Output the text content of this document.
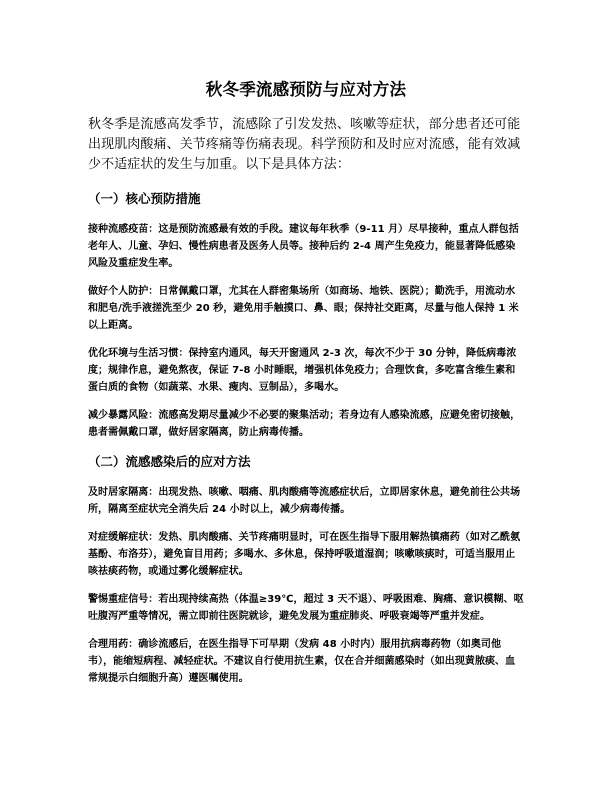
秋冬季流感预防与应对方法
秋冬季是流感高发季节，流感除了引发发热、咳嗽等症状，部分患者还可能出现肌肉酸痛、关节疼痛等伤痛表现。科学预防和及时应对流感，能有效减少不适症状的发生与加重。以下是具体方法：
（一）核心预防措施
接种流感疫苗：这是预防流感最有效的手段。建议每年秋季（9-11 月）尽早接种，重点人群包括老年人、儿童、孕妇、慢性病患者及医务人员等。接种后约 2-4 周产生免疫力，能显著降低感染风险及重症发生率。
做好个人防护：日常佩戴口罩，尤其在人群密集场所（如商场、地铁、医院）；勤洗手，用流动水和肥皂/洗手液搓洗至少 20 秒，避免用手触摸口、鼻、眼；保持社交距离，尽量与他人保持 1 米以上距离。
优化环境与生活习惯：保持室内通风，每天开窗通风 2-3 次，每次不少于 30 分钟，降低病毒浓度；规律作息，避免熬夜，保证 7-8 小时睡眠，增强机体免疫力；合理饮食，多吃富含维生素和蛋白质的食物（如蔬菜、水果、瘦肉、豆制品），多喝水。
减少暴露风险：流感高发期尽量减少不必要的聚集活动；若身边有人感染流感，应避免密切接触，患者需佩戴口罩，做好居家隔离，防止病毒传播。
（二）流感感染后的应对方法
及时居家隔离：出现发热、咳嗽、咽痛、肌肉酸痛等流感症状后，立即居家休息，避免前往公共场所，隔离至症状完全消失后 24 小时以上，减少病毒传播。
对症缓解症状：发热、肌肉酸痛、关节疼痛明显时，可在医生指导下服用解热镇痛药（如对乙酰氨基酚、布洛芬），避免盲目用药；多喝水、多休息，保持呼吸道湿润；咳嗽咳痰时，可适当服用止咳祛痰药物，或通过雾化缓解症状。
警惕重症信号：若出现持续高热（体温≥39℃，超过 3 天不退）、呼吸困难、胸痛、意识模糊、呕吐腹泻严重等情况，需立即前往医院就诊，避免发展为重症肺炎、呼吸衰竭等严重并发症。
合理用药：确诊流感后，在医生指导下可早期（发病 48 小时内）服用抗病毒药物（如奥司他韦），能缩短病程、减轻症状。不建议自行使用抗生素，仅在合并细菌感染时（如出现黄脓痰、血常规提示白细胞升高）遵医嘱使用。
